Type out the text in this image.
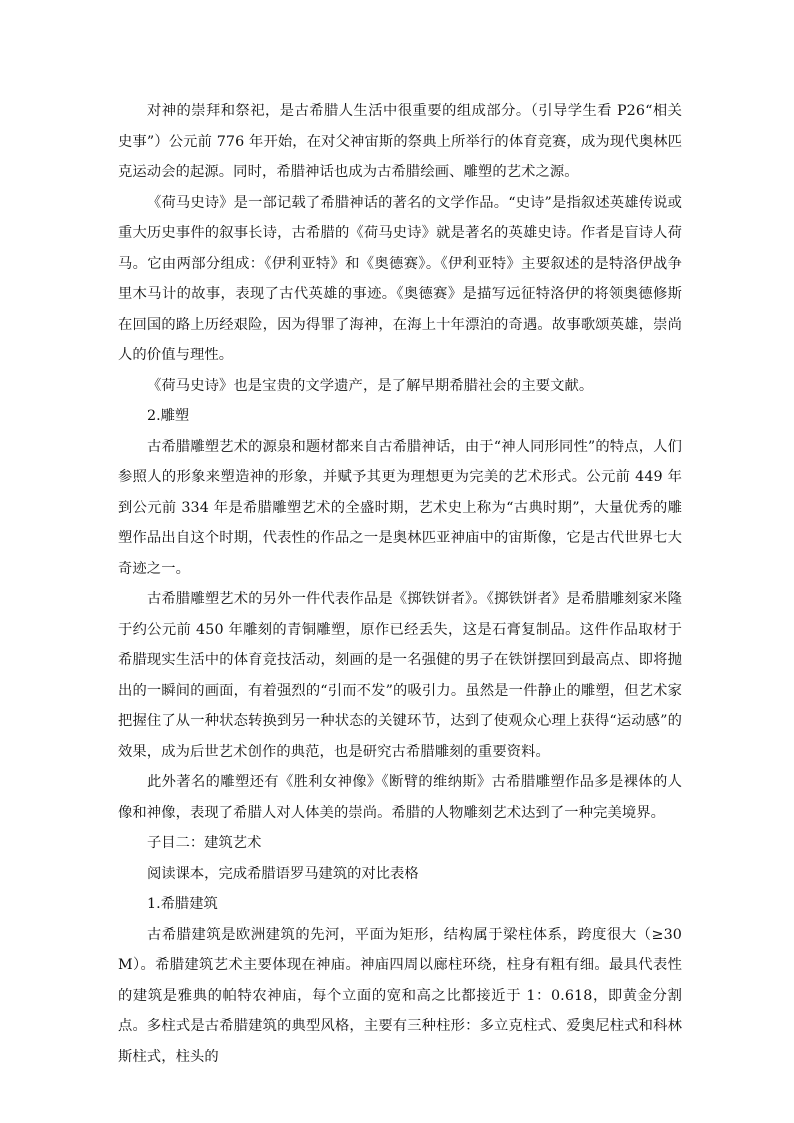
对神的崇拜和祭祀，是古希腊人生活中很重要的组成部分。（引导学生看 P26“相关史事”）公元前 776 年开始，在对父神宙斯的祭典上所举行的体育竞赛，成为现代奥林匹克运动会的起源。同时，希腊神话也成为古希腊绘画、雕塑的艺术之源。

《荷马史诗》是一部记载了希腊神话的著名的文学作品。“史诗”是指叙述英雄传说或重大历史事件的叙事长诗，古希腊的《荷马史诗》就是著名的英雄史诗。作者是盲诗人荷马。它由两部分组成：《伊利亚特》和《奥德赛》。《伊利亚特》主要叙述的是特洛伊战争里木马计的故事，表现了古代英雄的事迹。《奥德赛》是描写远征特洛伊的将领奥德修斯在回国的路上历经艰险，因为得罪了海神，在海上十年漂泊的奇遇。故事歌颂英雄，崇尚人的价值与理性。

《荷马史诗》也是宝贵的文学遗产，是了解早期希腊社会的主要文献。

2.雕塑

古希腊雕塑艺术的源泉和题材都来自古希腊神话，由于“神人同形同性”的特点，人们参照人的形象来塑造神的形象，并赋予其更为理想更为完美的艺术形式。公元前 449 年到公元前 334 年是希腊雕塑艺术的全盛时期，艺术史上称为“古典时期”，大量优秀的雕塑作品出自这个时期，代表性的作品之一是奥林匹亚神庙中的宙斯像，它是古代世界七大奇迹之一。

古希腊雕塑艺术的另外一件代表作品是《掷铁饼者》。《掷铁饼者》是希腊雕刻家米隆于约公元前 450 年雕刻的青铜雕塑，原作已经丢失，这是石膏复制品。这件作品取材于希腊现实生活中的体育竞技活动，刻画的是一名强健的男子在铁饼摆回到最高点、即将抛出的一瞬间的画面，有着强烈的“引而不发”的吸引力。虽然是一件静止的雕塑，但艺术家把握住了从一种状态转换到另一种状态的关键环节，达到了使观众心理上获得“运动感”的效果，成为后世艺术创作的典范，也是研究古希腊雕刻的重要资料。

此外著名的雕塑还有《胜利女神像》《断臂的维纳斯》古希腊雕塑作品多是裸体的人像和神像，表现了希腊人对人体美的崇尚。希腊的人物雕刻艺术达到了一种完美境界。

子目二：建筑艺术

阅读课本，完成希腊语罗马建筑的对比表格

1.希腊建筑

古希腊建筑是欧洲建筑的先河，平面为矩形，结构属于梁柱体系，跨度很大（≥30M）。希腊建筑艺术主要体现在神庙。神庙四周以廊柱环绕，柱身有粗有细。最具代表性的建筑是雅典的帕特农神庙，每个立面的宽和高之比都接近于 1：0.618，即黄金分割点。多柱式是古希腊建筑的典型风格，主要有三种柱形：多立克柱式、爱奥尼柱式和科林斯柱式，柱头的
